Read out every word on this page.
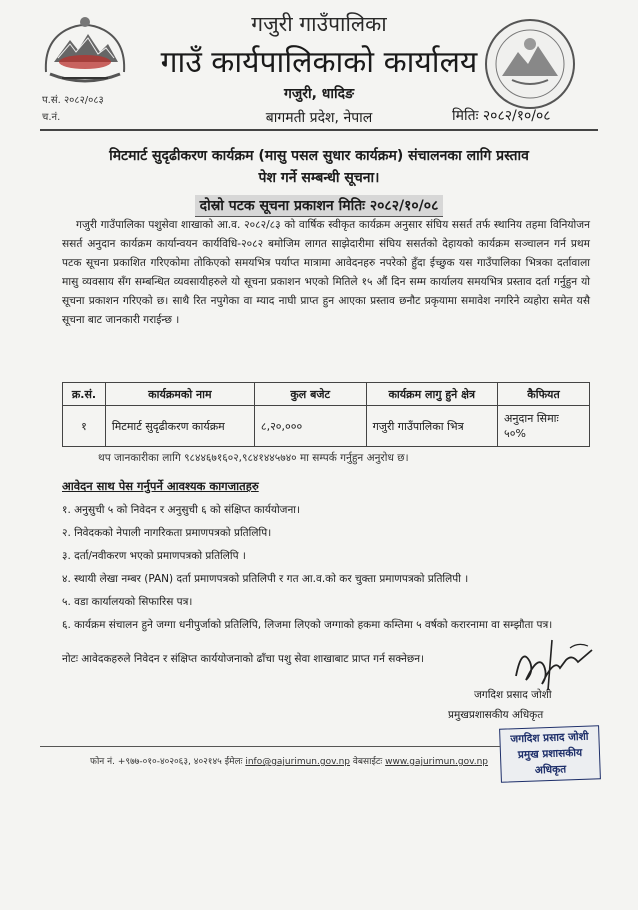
गजुरी गाउँपालिका
गाउँ कार्यपालिकाको कार्यालय
गजुरी, धादिङ
बागमती प्रदेश, नेपाल
प.सं. २०८२/०८३
च.नं.	मितिः २०८२/१०/०८
मिटमार्ट सुदृढीकरण कार्यक्रम (मासु पसल सुधार कार्यक्रम) संचालनका लागि प्रस्ताव
पेश गर्ने सम्बन्धी सूचना।
दोस्रो पटक सूचना प्रकाशन मितिः २०८२/१०/०८
गजुरी गाउँपालिका पशुसेवा शाखाको आ.व. २०८२/८३ को वार्षिक स्वीकृत कार्यक्रम अनुसार संघिय ससर्त तर्फ स्थानिय तहमा विनियोजन ससर्त अनुदान कार्यक्रम कार्यान्वयन कार्यविधि-२०८२ बमोजिम लागत साझेदारीमा संघिय ससर्तको देहायको कार्यक्रम सञ्चालन गर्न प्रथम पटक सूचना प्रकाशित गरिएकोमा तोकिएको समयभित्र पर्याप्त मात्रामा आवेदनहरु नपरेको हुँदा ईच्छुक यस गाउँपालिका भित्रका दर्तावाला मासु व्यवसाय सँग सम्बन्धित व्यवसायीहरुले यो सूचना प्रकाशन भएको मितिले १५ औं दिन सम्म कार्यालय समयभित्र प्रस्ताव दर्ता गर्नुहुन यो सूचना प्रकाशन गरिएको छ। साथै रित नपुगेका वा म्याद नाघी प्राप्त हुन आएका प्रस्ताव छनौट प्रकृयामा समावेश नगरिने व्यहोरा समेत यसै सूचना बाट जानकारी गराईन्छ ।
क्र.सं.	कार्यक्रमको नाम	कुल बजेट	कार्यक्रम लागु हुने क्षेत्र	कैफियत
१	मिटमार्ट सुदृढीकरण कार्यक्रम	८,२०,०००	गजुरी गाउँपालिका भित्र	अनुदान सिमाः ५०%
थप जानकारीका लागि ९८४४६७१६०२,९८४१४४५७४० मा सम्पर्क गर्नुहुन अनुरोध छ।
आवेदन साथ पेस गर्नुपर्ने आवश्यक कागजातहरु
१. अनुसुची ५ को निवेदन र अनुसुची ६ को संक्षिप्त कार्ययोजना।
२. निवेदकको नेपाली नागरिकता प्रमाणपत्रको प्रतिलिपि।
३. दर्ता/नवीकरण भएको प्रमाणपत्रको प्रतिलिपि ।
४. स्थायी लेखा नम्बर (PAN) दर्ता प्रमाणपत्रको प्रतिलिपी र गत आ.व.को कर चुक्ता प्रमाणपत्रको प्रतिलिपी ।
५. वडा कार्यालयको सिफारिस पत्र।
६. कार्यक्रम संचालन हुने जग्गा धनीपुर्जाको प्रतिलिपि, लिजमा लिएको जग्गाको हकमा कम्तिमा ५ वर्षको करारनामा वा सम्झौता पत्र।
नोटः आवेदकहरुले निवेदन र संक्षिप्त कार्ययोजनाको ढाँचा पशु सेवा शाखाबाट प्राप्त गर्न सक्नेछन।
जगदिश प्रसाद जोशी
प्रमुखप्रशासकीय अधिकृत
जगदिश प्रसाद जोशी
प्रमुख प्रशासकीय अधिकृत
फोन नं. +९७७-०१०-४०२०६३, ४०२१४५ ईमेलः info@gajurimun.gov.np वेबसाईटः www.gajurimun.gov.np
